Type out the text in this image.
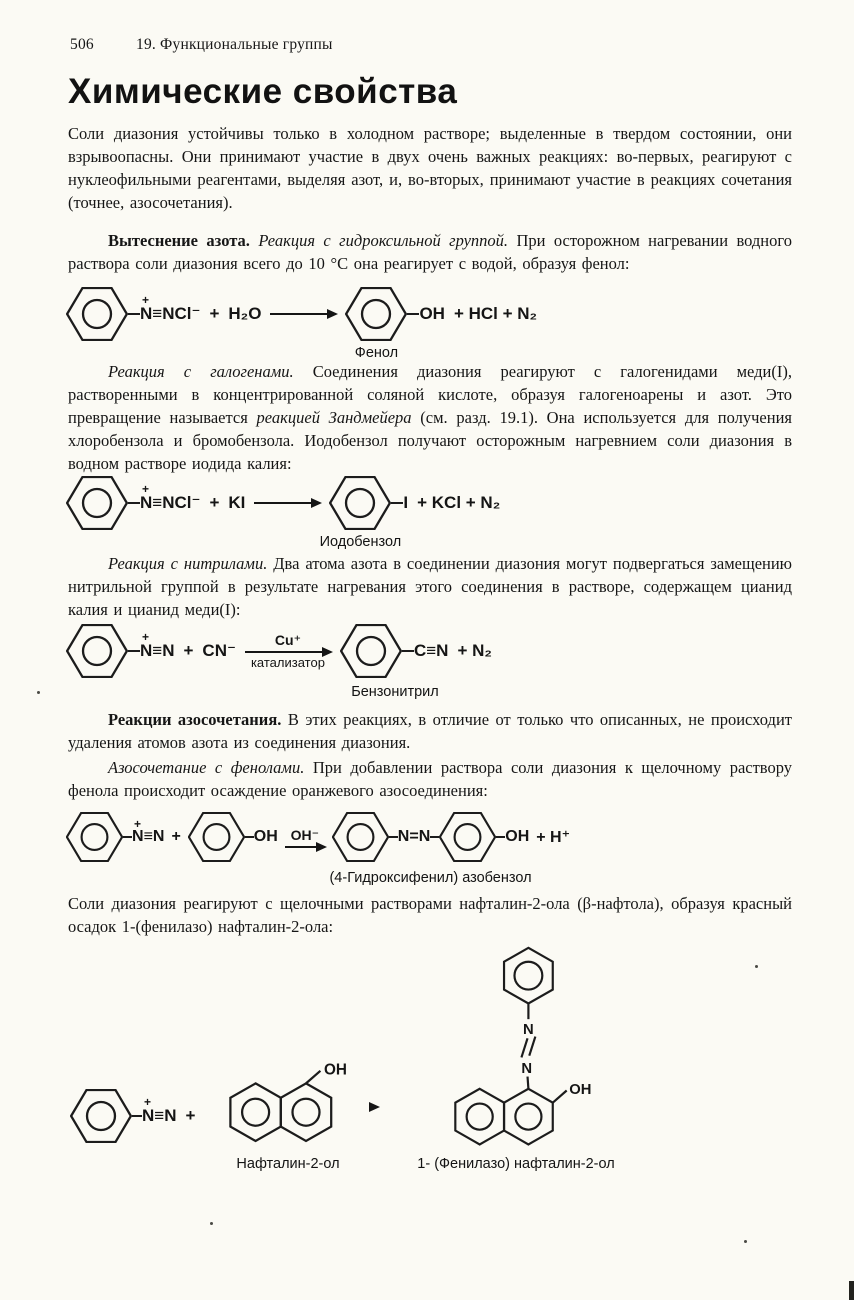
506	19. Функциональные группы
Химические свойства
Соли диазония устойчивы только в холодном растворе; выделенные в твердом состоянии, они взрывоопасны. Они принимают участие в двух очень важных реакциях: во-первых, реагируют с нуклеофильными реагентами, выделяя азот, и, во-вторых, принимают участие в реакциях сочетания (точнее, азосочетания).
Вытеснение азота. Реакция с гидроксильной группой. При осторожном нагревании водного раствора соли диазония всего до 10 °C она реагирует с водой, образуя фенол:
+
N≡NCl⁻ + H₂O →	OH
Фенол
+ HCl + N₂
Реакция с галогенами. Соединения диазония реагируют с галогенидами меди(I), растворенными в концентрированной соляной кислоте, образуя галогеноарены и азот. Это превращение называется реакцией Зандмейера (см. разд. 19.1). Она используется для получения хлоробензола и бромобензола. Иодобензол получают осторожным нагревнием соли диазония в водном растворе иодида калия:
+
N≡NCl⁻ + KI →	I
Иодобензол
+ KCl + N₂
Реакция с нитрилами. Два атома азота в соединении диазония могут подвергаться замещению нитрильной группой в результате нагревания этого соединения в растворе, содержащем цианид калия и цианид меди(I):
+
N≡N + CN⁻
Cu⁺
катализатор
C≡N
Бензонитрил
+ N₂
Реакции азосочетания. В этих реакциях, в отличие от только что описанных, не происходит удаления атомов азота из соединения диазония.
Азосочетание с фенолами. При добавлении раствора соли диазония к щелочному раствору фенола происходит осаждение оранжевого азосоединения:
+
N≡N +	OH OH⁻	N=N	OH
(4-Гидроксифенил) азобензол
+ H⁺
Соли диазония реагируют с щелочными растворами нафталин-2-ола (β-нафтола), образуя красный осадок 1-(фенилазо) нафталин-2-ола:
+
N≡N +
OH
N
N
OH
Нафталин-2-ол	1- (Фенилазо) нафталин-2-ол
